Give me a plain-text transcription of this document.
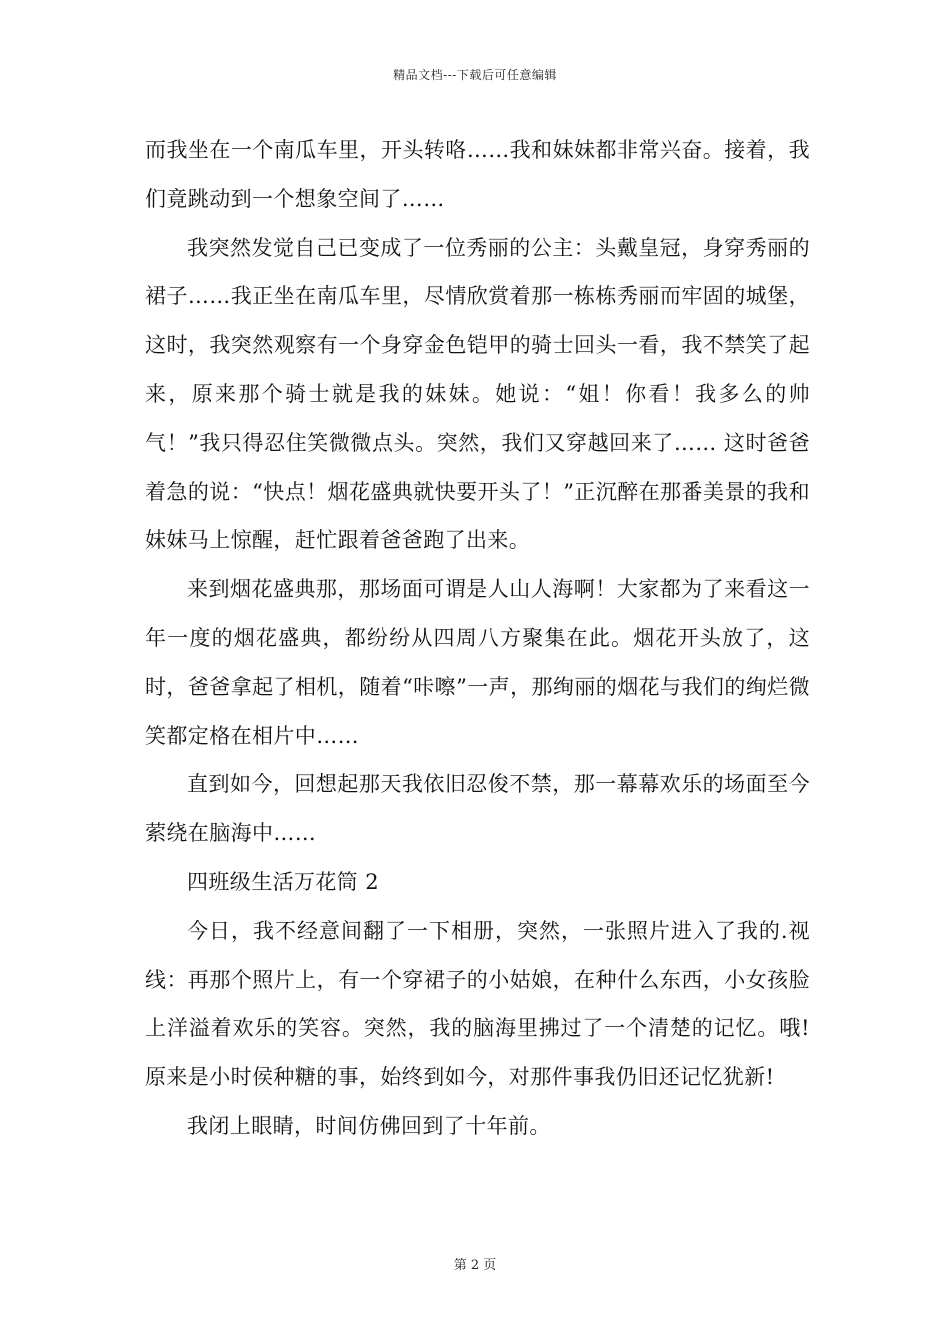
精品文档---下载后可任意编辑

而我坐在一个南瓜车里，开头转咯……我和妹妹都非常兴奋。接着，我们竟跳动到一个想象空间了……

我突然发觉自己已变成了一位秀丽的公主：头戴皇冠，身穿秀丽的裙子……我正坐在南瓜车里，尽情欣赏着那一栋栋秀丽而牢固的城堡，这时，我突然观察有一个身穿金色铠甲的骑士回头一看，我不禁笑了起来，原来那个骑士就是我的妹妹。她说：“姐！你看！我多么的帅气！”我只得忍住笑微微点头。突然，我们又穿越回来了…… 这时爸爸着急的说：“快点！烟花盛典就快要开头了！”正沉醉在那番美景的我和妹妹马上惊醒，赶忙跟着爸爸跑了出来。

来到烟花盛典那，那场面可谓是人山人海啊！大家都为了来看这一年一度的烟花盛典，都纷纷从四周八方聚集在此。烟花开头放了，这时，爸爸拿起了相机，随着“咔嚓”一声，那绚丽的烟花与我们的绚烂微笑都定格在相片中……

直到如今，回想起那天我依旧忍俊不禁，那一幕幕欢乐的场面至今萦绕在脑海中……

四班级生活万花筒 2

今日，我不经意间翻了一下相册，突然，一张照片进入了我的.视线：再那个照片上，有一个穿裙子的小姑娘，在种什么东西，小女孩脸上洋溢着欢乐的笑容。突然，我的脑海里拂过了一个清楚的记忆。哦!原来是小时侯种糖的事，始终到如今，对那件事我仍旧还记忆犹新!

我闭上眼睛，时间仿佛回到了十年前。

第 2 页
